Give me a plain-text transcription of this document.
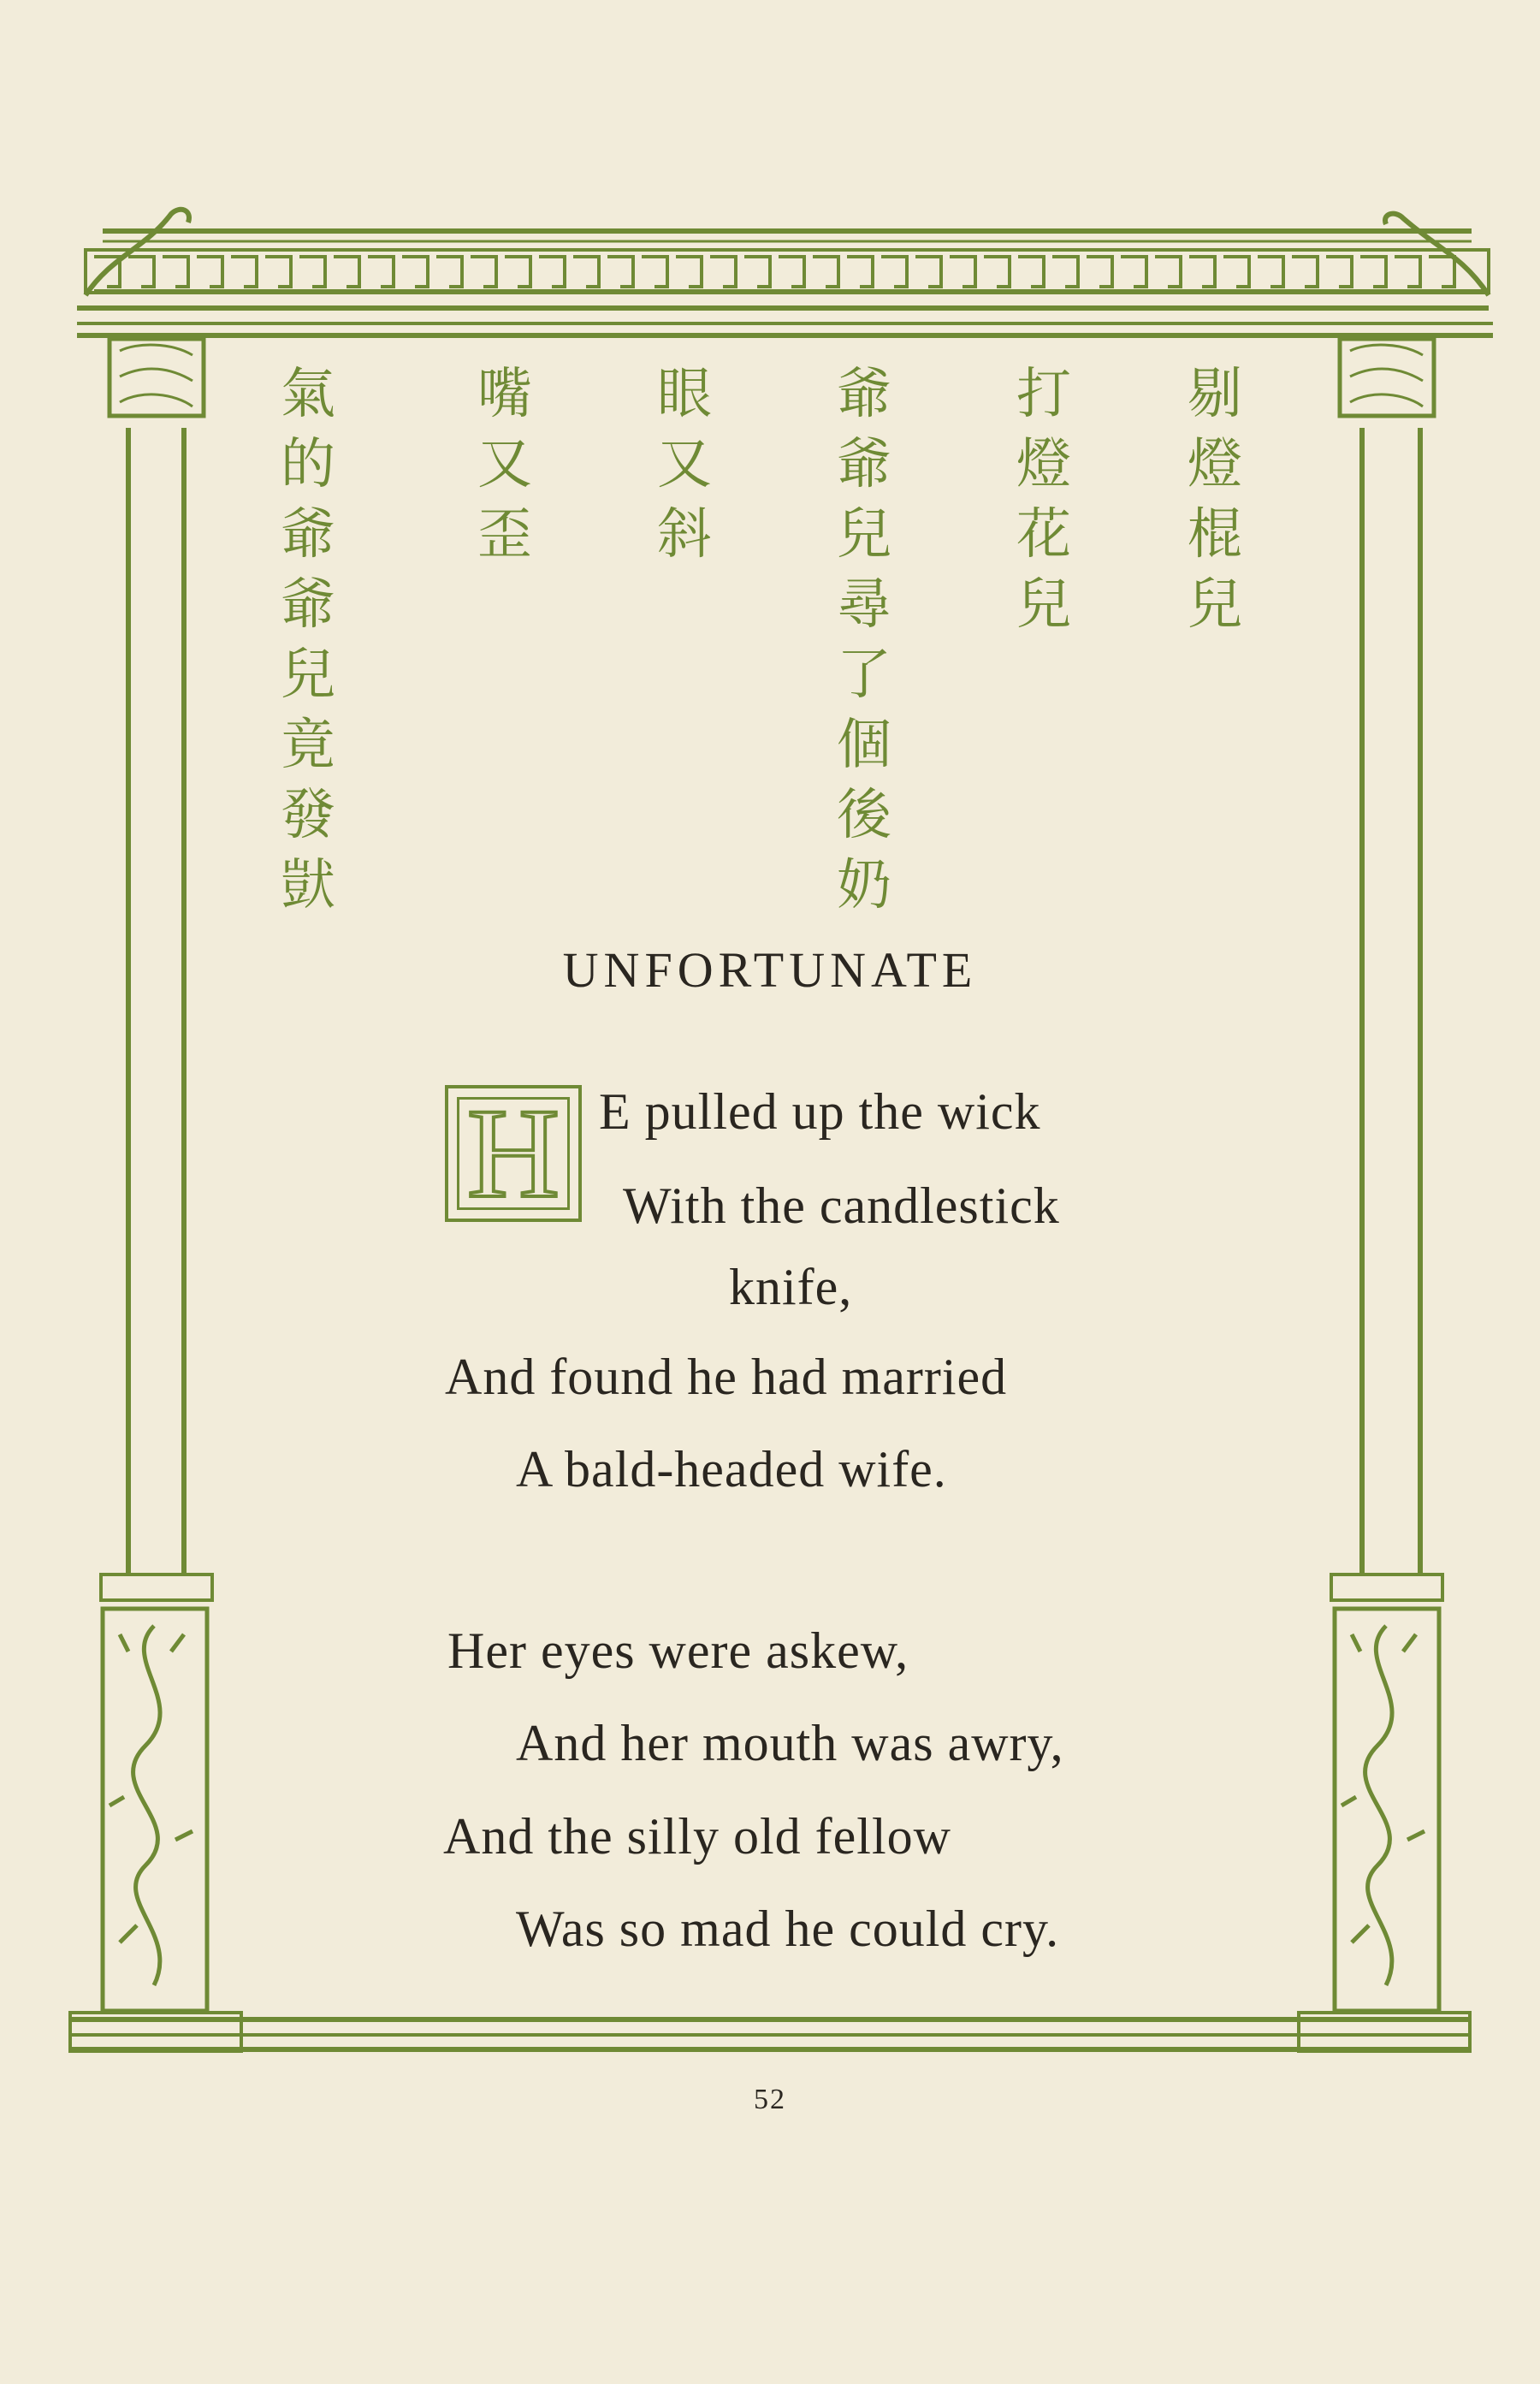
剔
燈
棍
兒
打
燈
花
兒
爺
爺
兒
尋
了
個
後
奶
眼
又
斜
嘴
又
歪
氣
的
爺
爺
兒
竟
發
獃
UNFORTUNATE
H E pulled up the wick
With the candlestick
knife,
And found he had married
A bald-headed wife.
Her eyes were askew,
And her mouth was awry,
And the silly old fellow
Was so mad he could cry.
52
